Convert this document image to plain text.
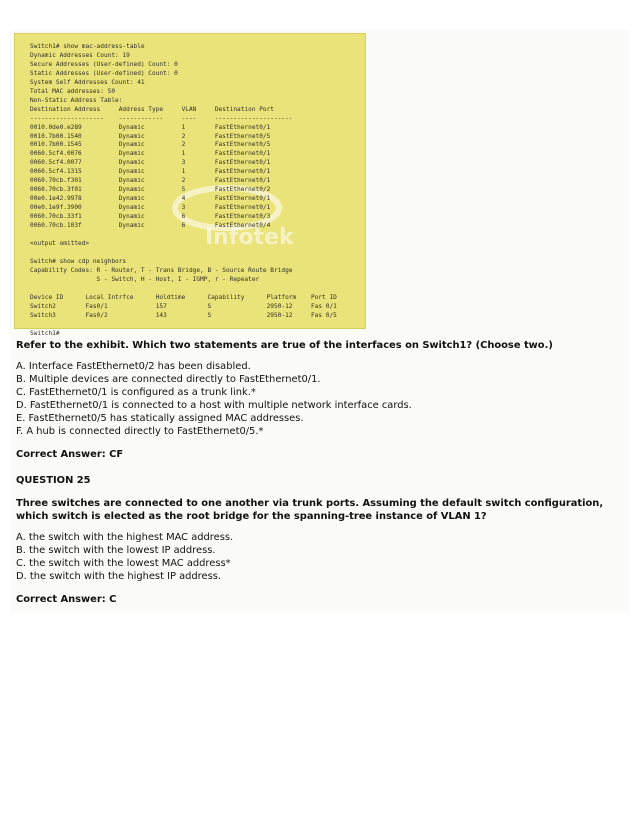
Infotek
Switch1# show mac-address-table
Dynamic Addresses Count: 19
Secure Addresses (User-defined) Count: 0
Static Addresses (User-defined) Count: 0
System Self Addresses Count: 41
Total MAC addresses: 50
Non-Static Address Table:
Destination Address     Address Type     VLAN     Destination Port
--------------------    ------------     ----     ---------------------
0010.0de0.e289          Dynamic          1        FastEthernet0/1
0010.7b00.1540          Dynamic          2        FastEthernet0/5
0010.7b00.1545          Dynamic          2        FastEthernet0/5
0060.5cf4.0076          Dynamic          1        FastEthernet0/1
0060.5cf4.0077          Dynamic          3        FastEthernet0/1
0060.5cf4.1315          Dynamic          1        FastEthernet0/1
0060.70cb.f301          Dynamic          2        FastEthernet0/1
0060.70cb.3f01          Dynamic          5        FastEthernet0/2
00e0.1e42.9978          Dynamic          4        FastEthernet0/1
00e0.1e9f.3900          Dynamic          3        FastEthernet0/1
0060.70cb.33f1          Dynamic          6        FastEthernet0/3
0060.70cb.103f          Dynamic          6        FastEthernet0/4

<output omitted>

Switch# show cdp neighbors
Capability Codes: R - Router, T - Trans Bridge, B - Source Route Bridge
S - Switch, H - Host, I - IGMP, r - Repeater

Device ID      Local Intrfce      Holdtime      Capability      Platform    Port ID
Switch2        Fas0/1             157           S               2950-12     Fas 0/1
Switch3        Fas0/2             143           S               2950-12     Fas 0/5

Switch1#

Refer to the exhibit. Which two statements are true of the interfaces on Switch1? (Choose two.)

A. Interface FastEthernet0/2 has been disabled.

B. Multiple devices are connected directly to FastEthernet0/1.

C. FastEthernet0/1 is configured as a trunk link.*

D. FastEthernet0/1 is connected to a host with multiple network interface cards.

E. FastEthernet0/5 has statically assigned MAC addresses.

F. A hub is connected directly to FastEthernet0/5.*

Correct Answer: CF

QUESTION 25

Three switches are connected to one another via trunk ports. Assuming the default switch configuration, which switch is elected as the root bridge for the spanning-tree instance of VLAN 1?

A. the switch with the highest MAC address.

B. the switch with the lowest IP address.

C. the switch with the lowest MAC address*

D. the switch with the highest IP address.

Correct Answer: C
